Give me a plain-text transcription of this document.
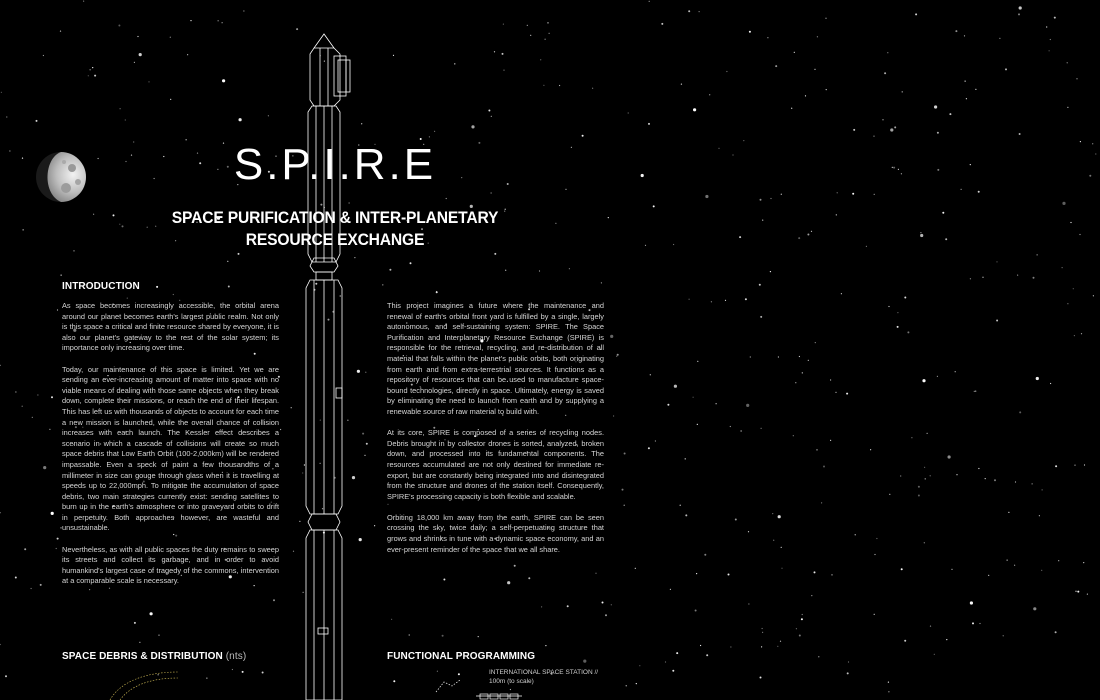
S.P.I.R.E
SPACE PURIFICATION & INTER-PLANETARY
RESOURCE EXCHANGE
INTRODUCTION

As space becomes increasingly accessible, the orbital arena around our planet becomes earth's largest public realm. Not only is this space a critical and finite resource shared by everyone, it is also our planet's gateway to the rest of the solar system; its importance only increasing over time.

Today, our maintenance of this space is limited. Yet we are sending an ever-increasing amount of matter into space with no viable means of dealing with those same objects when they break down, complete their missions, or reach the end of their lifespan. This has left us with thousands of objects to account for each time a new mission is launched, while the overall chance of collision increases with each launch. The Kessler effect describes a scenario in which a cascade of collisions will create so much space debris that Low Earth Orbit (100-2,000km) will be rendered impassable. Even a speck of paint a few thousandths of a millimeter in size can gouge through glass when it is travelling at speeds up to 22,000mph. To mitigate the accumulation of space debris, two main strategies currently exist: sending satellites to burn up in the earth's atmosphere or into graveyard orbits to drift in perpetuity. Both approaches however, are wasteful and unsustainable.

Nevertheless, as with all public spaces the duty remains to sweep its streets and collect its garbage, and in order to avoid humankind's largest case of tragedy of the commons, intervention at a comparable scale is necessary.

This project imagines a future where the maintenance and renewal of earth's orbital front yard is fulfilled by a single, largely autonomous, and self-sustaining system: SPIRE. The Space Purification and Interplanetary Resource Exchange (SPIRE) is responsible for the retrieval, recycling, and re-distribution of all material that falls within the planet's public orbits, both originating from earth and from extra-terrestrial sources. It functions as a repository of resources that can be used to manufacture space-bound technologies, directly in space. Ultimately, energy is saved by eliminating the need to launch from earth and by supplying a renewable source of raw material to build with.

At its core, SPIRE is composed of a series of recycling nodes. Debris brought in by collector drones is sorted, analyzed, broken down, and processed into its fundamental components. The resources accumulated are not only destined for immediate re-export, but are constantly being integrated into and disintegrated from the structure and drones of the station itself. Consequently, SPIRE's processing capacity is both flexible and scalable.

Orbiting 18,000 km away from the earth, SPIRE can be seen crossing the sky, twice daily; a self-perpetuating structure that grows and shrinks in tune with a dynamic space economy, and an ever-present reminder of the space that we all share.

SPACE DEBRIS & DISTRIBUTION (nts)	FUNCTIONAL PROGRAMMING
INTERNATIONAL SPACE STATION //
100m (to scale)
